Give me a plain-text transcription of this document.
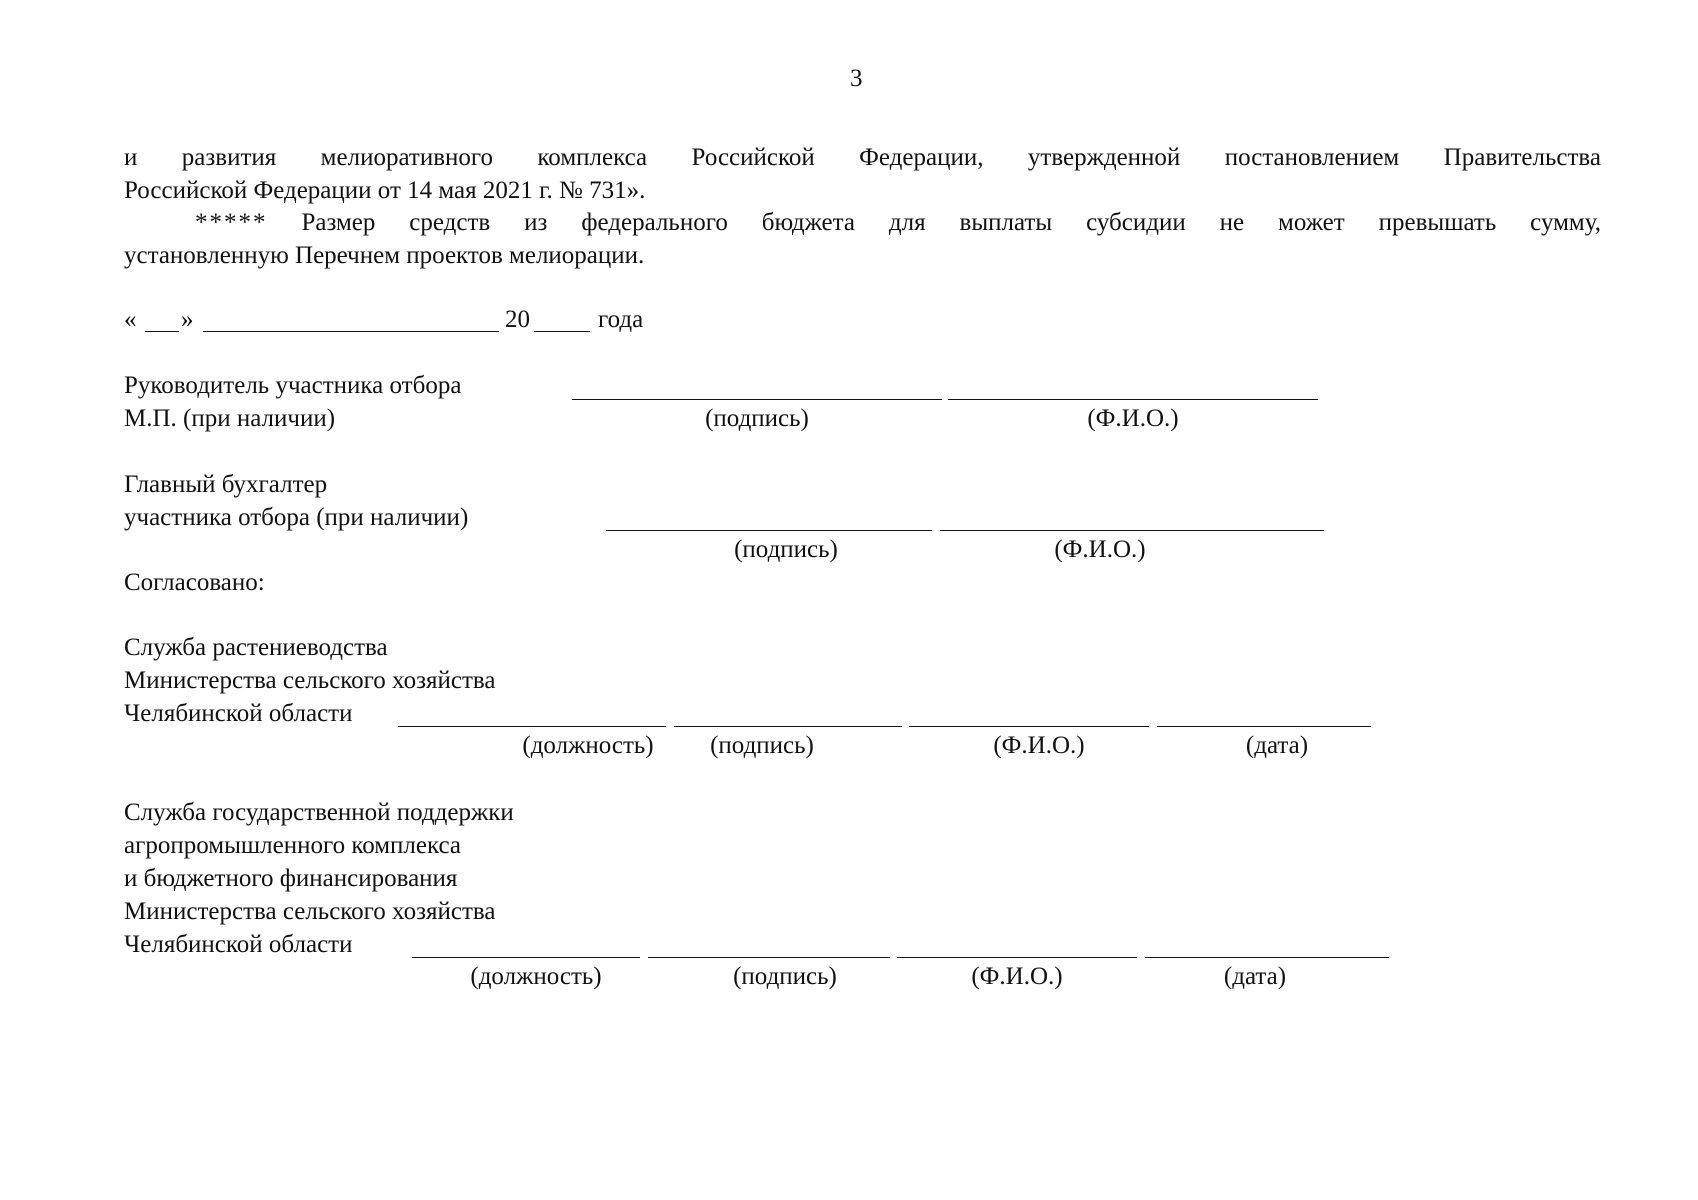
3
и развития мелиоративного комплекса Российской Федерации, утвержденной постановлением Правительства
Российской Федерации от 14 мая 2021 г. № 731».
***** Размер средств из федерального бюджета для выплаты субсидии не может превышать сумму,
установленную Перечнем проектов мелиорации.
« »	20	года
Руководитель участника отбора
М.П. (при наличии)	(подпись)	(Ф.И.О.)
Главный бухгалтер
участника отбора (при наличии)
(подпись)	(Ф.И.О.)
Согласовано:
Служба растениеводства
Министерства сельского хозяйства
Челябинской области
(должность)	(подпись)	(Ф.И.О.)	(дата)
Служба государственной поддержки
агропромышленного комплекса
и бюджетного финансирования
Министерства сельского хозяйства
Челябинской области
(должность)	(подпись)	(Ф.И.О.)	(дата)
